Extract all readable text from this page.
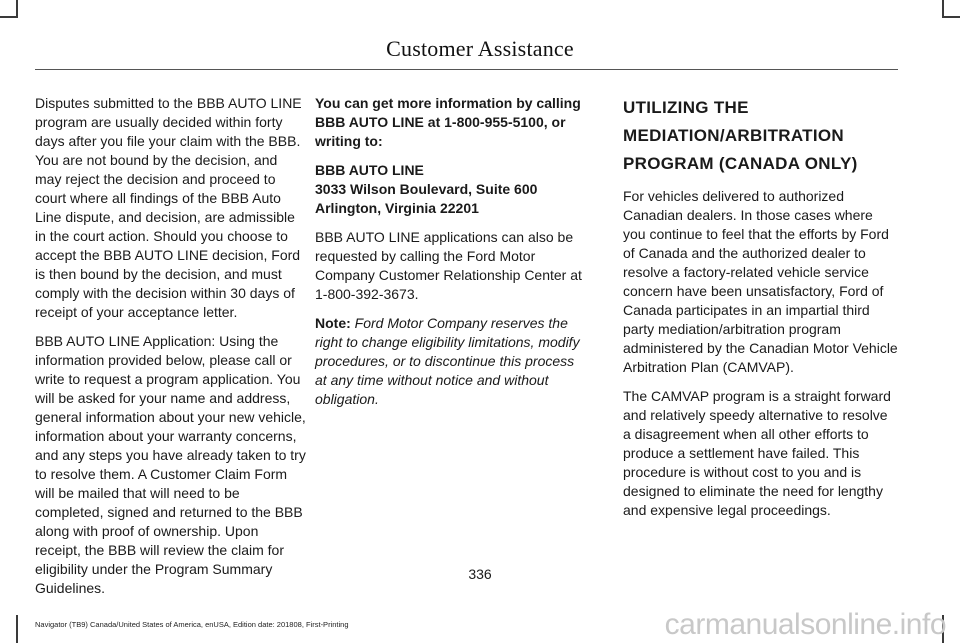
Customer Assistance

Disputes submitted to the BBB AUTO LINE program are usually decided within forty days after you file your claim with the BBB. You are not bound by the decision, and may reject the decision and proceed to court where all findings of the BBB Auto Line dispute, and decision, are admissible in the court action. Should you choose to accept the BBB AUTO LINE decision, Ford is then bound by the decision, and must comply with the decision within 30 days of receipt of your acceptance letter.

BBB AUTO LINE Application: Using the information provided below, please call or write to request a program application. You will be asked for your name and address, general information about your new vehicle, information about your warranty concerns, and any steps you have already taken to try to resolve them. A Customer Claim Form will be mailed that will need to be completed, signed and returned to the BBB along with proof of ownership. Upon receipt, the BBB will review the claim for eligibility under the Program Summary Guidelines.

You can get more information by calling BBB AUTO LINE at 1-800-955-5100, or writing to:

BBB AUTO LINE
3033 Wilson Boulevard, Suite 600
Arlington, Virginia 22201

BBB AUTO LINE applications can also be requested by calling the Ford Motor Company Customer Relationship Center at 1-800-392-3673.

Note: Ford Motor Company reserves the right to change eligibility limitations, modify procedures, or to discontinue this process at any time without notice and without obligation.

UTILIZING THE MEDIATION/ARBITRATION PROGRAM (CANADA ONLY)

For vehicles delivered to authorized Canadian dealers. In those cases where you continue to feel that the efforts by Ford of Canada and the authorized dealer to resolve a factory-related vehicle service concern have been unsatisfactory, Ford of Canada participates in an impartial third party mediation/arbitration program administered by the Canadian Motor Vehicle Arbitration Plan (CAMVAP).

The CAMVAP program is a straight forward and relatively speedy alternative to resolve a disagreement when all other efforts to produce a settlement have failed. This procedure is without cost to you and is designed to eliminate the need for lengthy and expensive legal proceedings.

336
Navigator (TB9) Canada/United States of America, enUSA, Edition date: 201808, First-Printing	carmanualsonline.info
